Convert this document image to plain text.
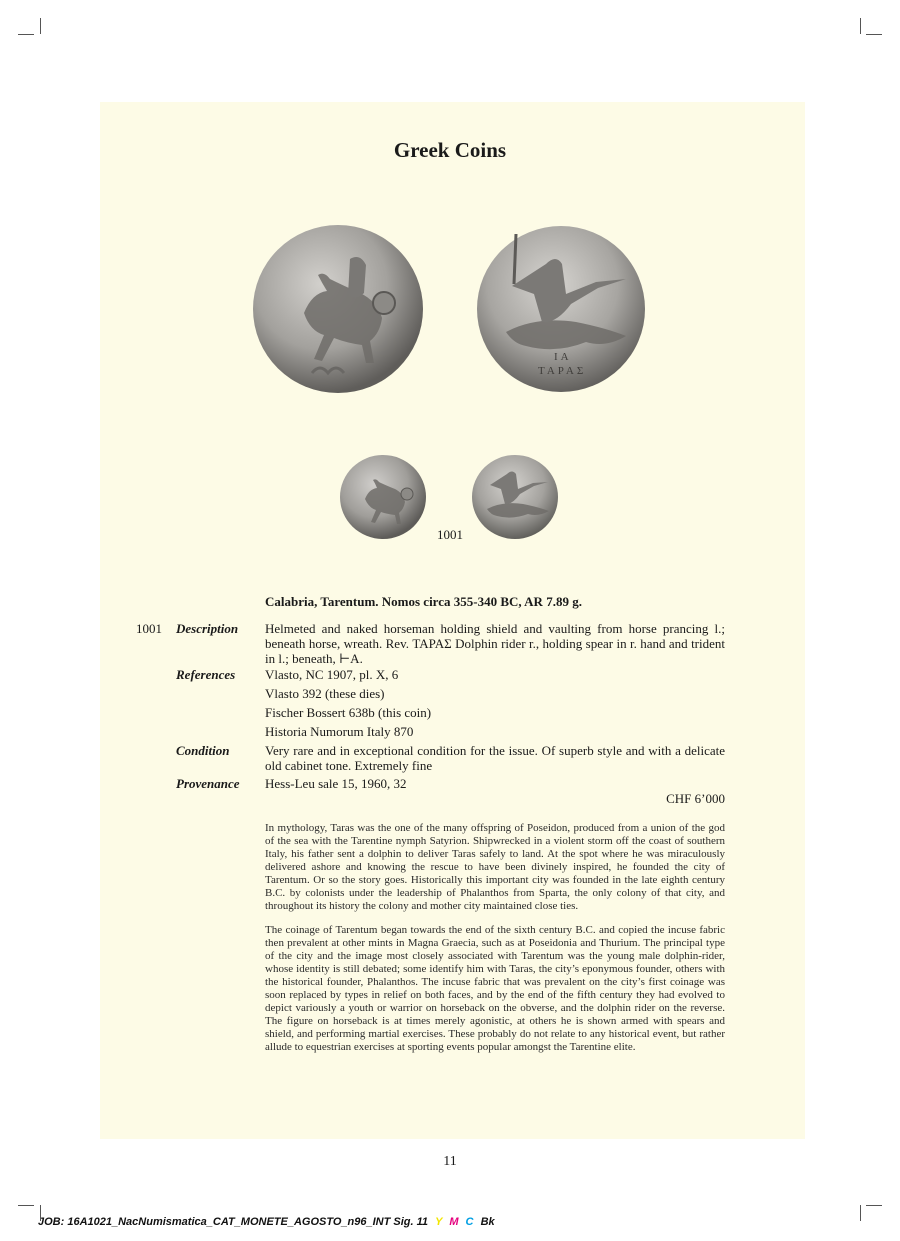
Greek Coins
ΤΑΡΑΣ
ΙΑ
1001
Calabria, Tarentum. Nomos circa 355-340 BC, AR 7.89 g.
1001 Description Helmeted and naked horseman holding shield and vaulting from horse prancing l.; beneath horse, wreath. Rev. ΤΑΡΑΣ Dolphin rider r., holding spear in r. hand and trident in l.; beneath, ⊢A.
References Vlasto, NC 1907, pl. X, 6
Vlasto 392 (these dies)
Fischer Bossert 638b (this coin)
Historia Numorum Italy 870
Condition	Very rare and in exceptional condition for the issue. Of superb style and with a delicate old cabinet tone. Extremely fine
Provenance Hess-Leu sale 15, 1960, 32
CHF 6’000
In mythology, Taras was the one of the many offspring of Poseidon, produced from a union of the god of the sea with the Tarentine nymph Satyrion. Shipwrecked in a violent storm off the coast of southern Italy, his father sent a dolphin to deliver Taras safely to land. At the spot where he was miraculously delivered ashore and knowing the rescue to have been divinely inspired, he founded the city of Tarentum. Or so the story goes. Historically this important city was founded in the late eighth century B.C. by colonists under the leadership of Phalanthos from Sparta, the only colony of that city, and throughout its history the colony and mother city maintained close ties.
The coinage of Tarentum began towards the end of the sixth century B.C. and copied the incuse fabric then prevalent at other mints in Magna Graecia, such as at Poseidonia and Thurium. The principal type of the city and the image most closely associated with Tarentum was the young male dolphin-rider, whose identity is still debated; some identify him with Taras, the city’s eponymous founder, others with the historical founder, Phalanthos. The incuse fabric that was prevalent on the city’s first coinage was soon replaced by types in relief on both faces, and by the end of the fifth century they had evolved to depict variously a youth or warrior on horseback on the obverse, and the dolphin rider on the reverse. The figure on horseback is at times merely agonistic, at others he is shown armed with spears and shield, and performing martial exercises. These probably do not relate to any historical event, but rather allude to equestrian exercises at sporting events popular amongst the Tarentine elite.
11
JOB: 16A1021_NacNumismatica_CAT_MONETE_AGOSTO_n96_INT Sig. 11 Y M C Bk
